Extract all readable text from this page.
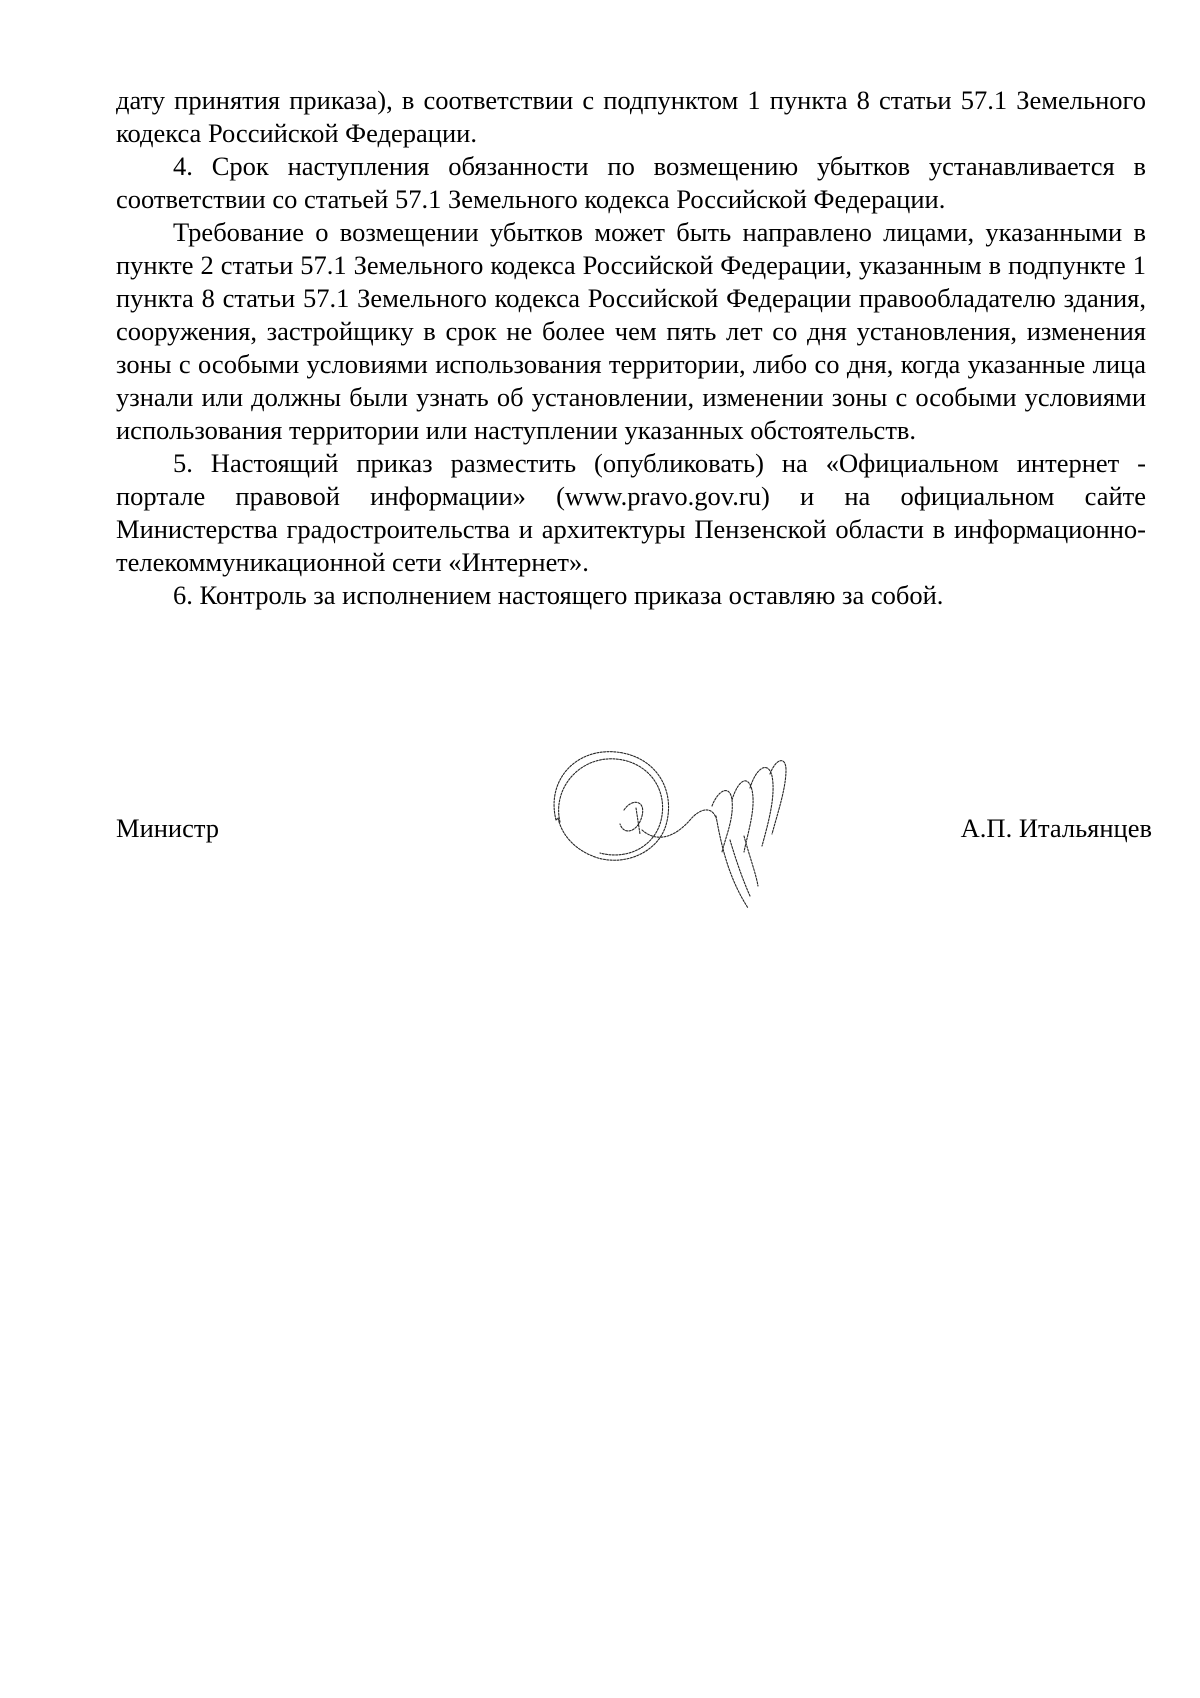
дату принятия приказа), в соответствии с подпунктом 1 пункта 8 статьи 57.1 Земельного кодекса Российской Федерации.

4. Срок наступления обязанности по возмещению убытков устанавливается в соответствии со статьей 57.1 Земельного кодекса Российской Федерации.

Требование о возмещении убытков может быть направлено лицами, указанными в пункте 2 статьи 57.1 Земельного кодекса Российской Федерации, указанным в подпункте 1 пункта 8 статьи 57.1 Земельного кодекса Российской Федерации правообладателю здания, сооружения, застройщику в срок не более чем пять лет со дня установления, изменения зоны с особыми условиями использования территории, либо со дня, когда указанные лица узнали или должны были узнать об установлении, изменении зоны с особыми условиями использования территории или наступлении указанных обстоятельств.

5. Настоящий приказ разместить (опубликовать) на «Официальном интернет - портале правовой информации» (www.pravo.gov.ru) и на официальном сайте Министерства градостроительства и архитектуры Пензенской области в информационно-телекоммуникационной сети «Интернет».

6. Контроль за исполнением настоящего приказа оставляю за собой.

Министр	А.П. Итальянцев
